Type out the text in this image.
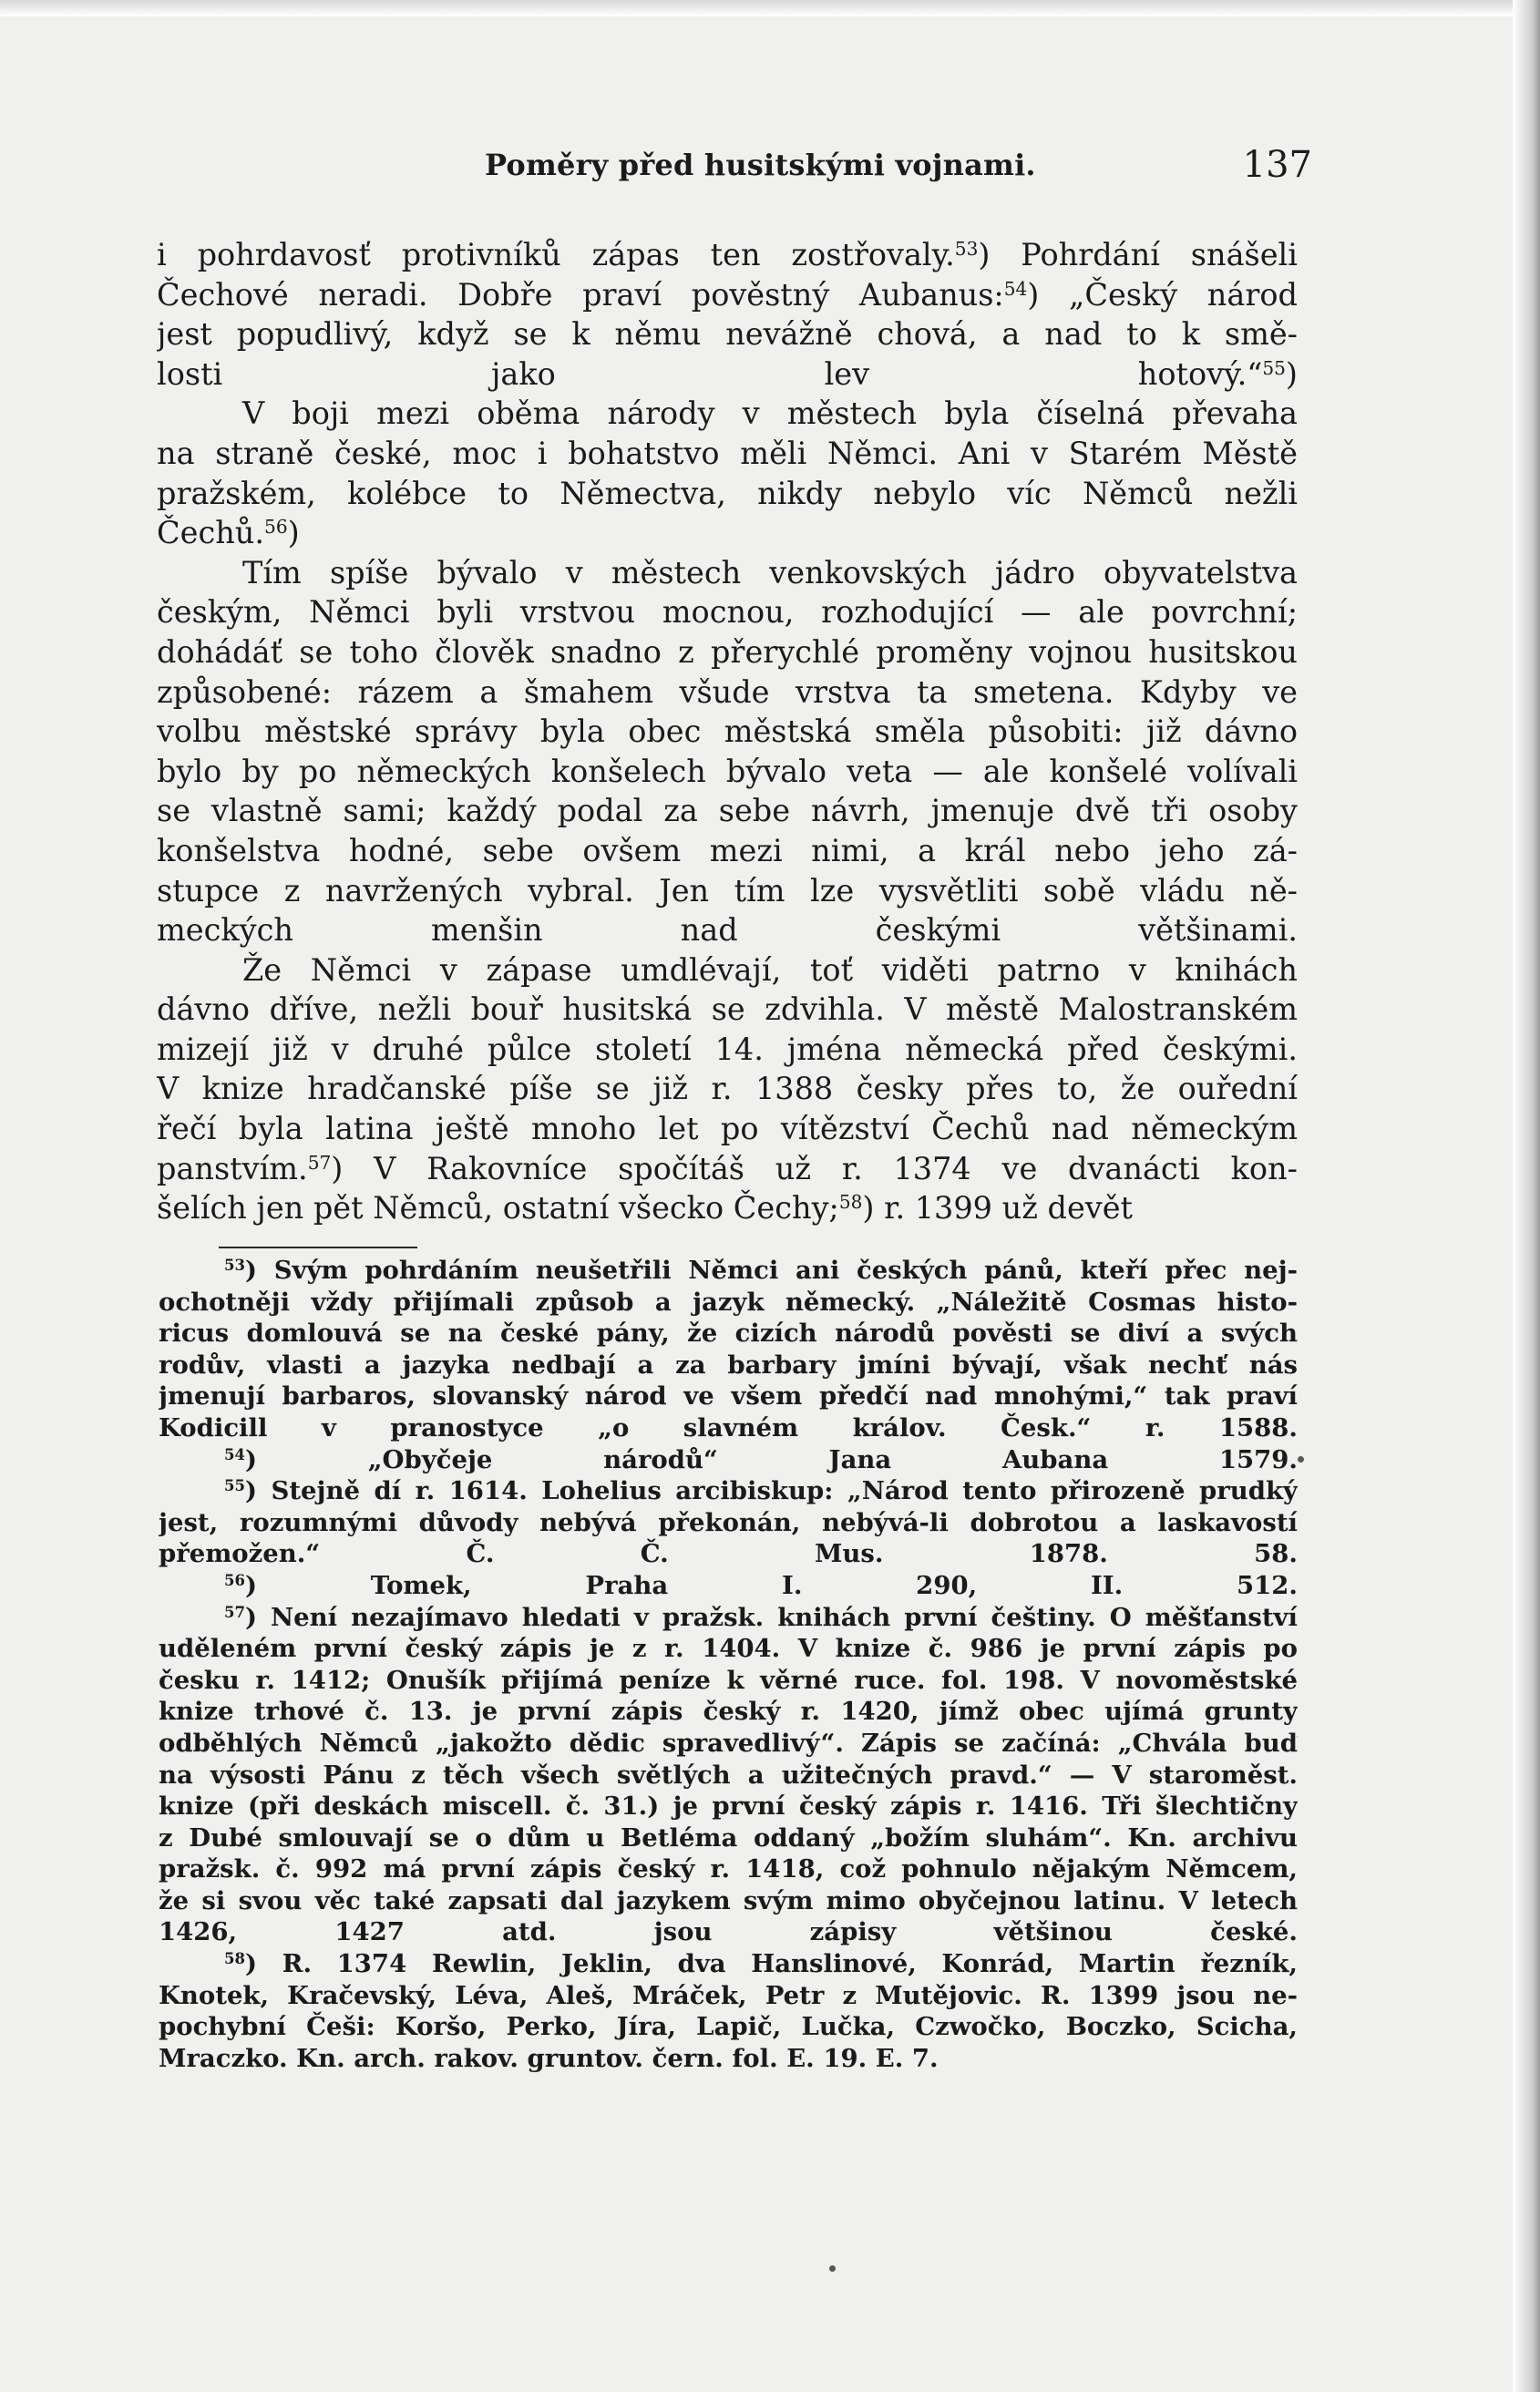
Poměry před husitskými vojnami.	137
i pohrdavosť protivníků zápas ten zostřovaly.$^{53}$) Pohrdání snášeli
Čechové neradi. Dobře praví pověstný Aubanus:$^{54}$) „Český národ
jest popudlivý, když se k němu nevážně chová, a nad to k smě-
losti jako lev hotový.“$^{55}$)
V boji mezi oběma národy v městech byla číselná převaha
na straně české, moc i bohatstvo měli Němci. Ani v Starém Městě
pražském, kolébce to Němectva, nikdy nebylo víc Němců nežli
Čechů.$^{56}$)
Tím spíše bývalo v městech venkovských jádro obyvatelstva
českým, Němci byli vrstvou mocnou, rozhodující — ale povrchní;
dohádáť se toho člověk snadno z přerychlé proměny vojnou husitskou
způsobené: rázem a šmahem všude vrstva ta smetena. Kdyby ve
volbu městské správy byla obec městská směla působiti: již dávno
bylo by po německých konšelech bývalo veta — ale konšelé volívali
se vlastně sami; každý podal za sebe návrh, jmenuje dvě tři osoby
konšelstva hodné, sebe ovšem mezi nimi, a král nebo jeho zá-
stupce z navržených vybral. Jen tím lze vysvětliti sobě vládu ně-
meckých menšin nad českými většinami.
Že Němci v zápase umdlévají, toť viděti patrno v knihách
dávno dříve, nežli bouř husitská se zdvihla. V městě Malostranském
mizejí již v druhé půlce století 14. jména německá před českými.
V knize hradčanské píše se již r. 1388 česky přes to, že ouřední
řečí byla latina ještě mnoho let po vítězství Čechů nad německým
panstvím.$^{57}$) V Rakovníce spočítáš už r. 1374 ve dvanácti kon-
šelích jen pět Němců, ostatní všecko Čechy;$^{58}$) r. 1399 už devět
$^{53}$) Svým pohrdáním neušetřili Němci ani českých pánů, kteří přec nej-
ochotněji vždy přijímali způsob a jazyk německý. „Náležitě Cosmas histo-
ricus domlouvá se na české pány, že cizích národů pověsti se diví a svých
rodův, vlasti a jazyka nedbají a za barbary jmíni bývají, však nechť nás
jmenují barbaros, slovanský národ ve všem předčí nad mnohými,“ tak praví
Kodicill v pranostyce „o slavném králov. Česk.“ r. 1588.
$^{54}$) „Obyčeje národů“ Jana Aubana 1579.
$^{55}$) Stejně dí r. 1614. Lohelius arcibiskup: „Národ tento přirozeně prudký
jest, rozumnými důvody nebývá překonán, nebývá-li dobrotou a laskavostí
přemožen.“ Č. Č. Mus. 1878. 58.
$^{56}$) Tomek, Praha I. 290, II. 512.
$^{57}$) Není nezajímavo hledati v pražsk. knihách první češtiny. O měšťanství
uděleném první český zápis je z r. 1404. V knize č. 986 je první zápis po
česku r. 1412; Onušík přijímá peníze k věrné ruce. fol. 198. V novoměstské
knize trhové č. 13. je první zápis český r. 1420, jímž obec ujímá grunty
odběhlých Němců „jakožto dědic spravedlivý“. Zápis se začíná: „Chvála buď
na výsosti Pánu z těch všech světlých a užitečných pravd.“ — V staroměst.
knize (při deskách miscell. č. 31.) je první český zápis r. 1416. Tři šlechtičny
z Dubé smlouvají se o dům u Betléma oddaný „božím sluhám“. Kn. archivu
pražsk. č. 992 má první zápis český r. 1418, což pohnulo nějakým Němcem,
že si svou věc také zapsati dal jazykem svým mimo obyčejnou latinu. V letech
1426, 1427 atd. jsou zápisy většinou české.
$^{58}$) R. 1374 Rewlin, Jeklin, dva Hanslinové, Konrád, Martin řezník,
Knotek, Kračevský, Léva, Aleš, Mráček, Petr z Mutějovic. R. 1399 jsou ne-
pochybní Češi: Koršo, Perko, Jíra, Lapič, Lučka, Czwočko, Boczko, Scicha,
Mraczko. Kn. arch. rakov. gruntov. čern. fol. E. 19. E. 7.
